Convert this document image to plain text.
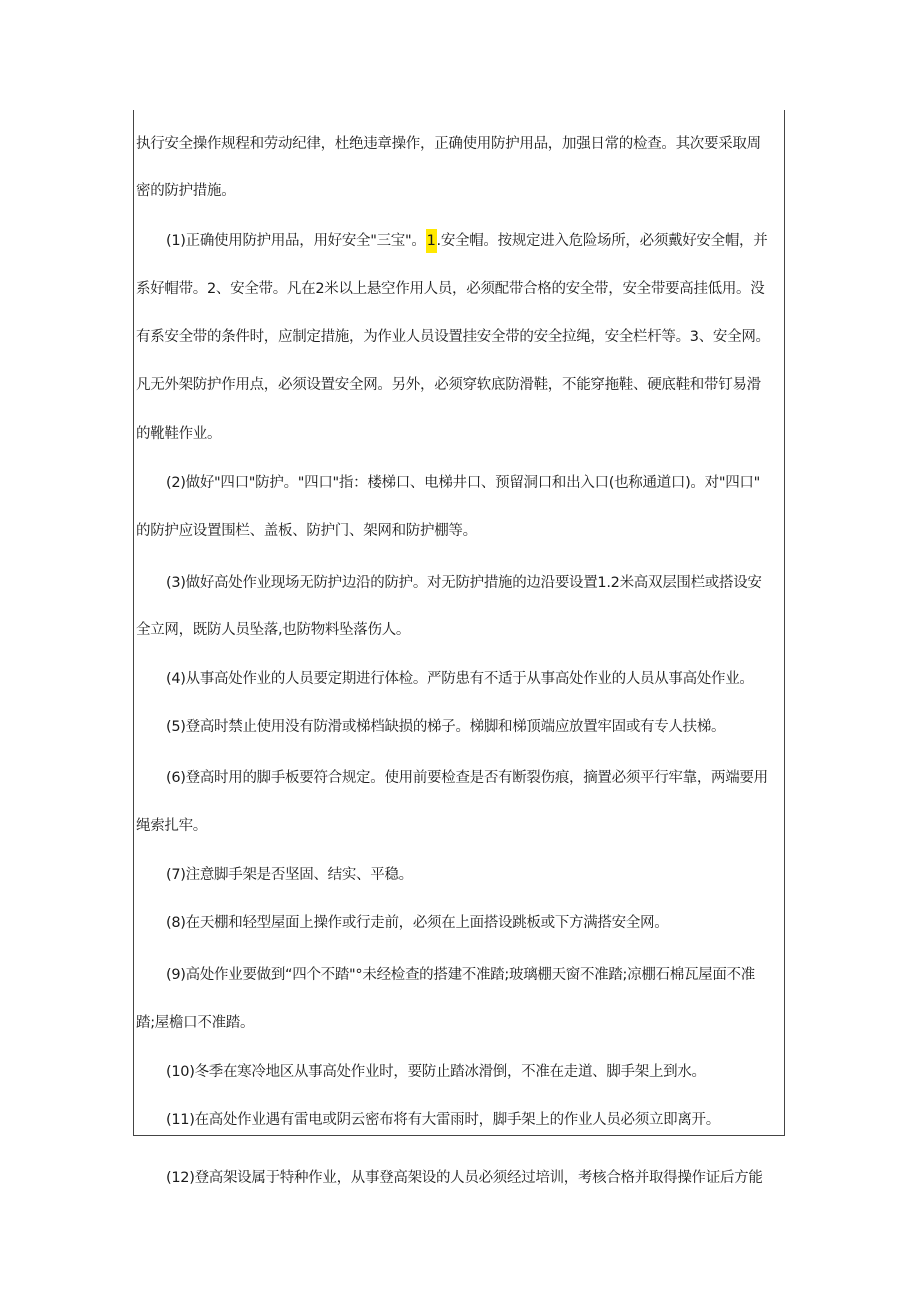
执行安全操作规程和劳动纪律，杜绝违章操作，正确使用防护用品，加强日常的检查。其次要采取周
密的防护措施。
(1)正确使用防护用品，用好安全"三宝"。1.安全帽。按规定进入危险场所，必须戴好安全帽，并
系好帽带。2、安全带。凡在2米以上悬空作用人员，必须配带合格的安全带，安全带要高挂低用。没
有系安全带的条件时，应制定措施，为作业人员设置挂安全带的安全拉绳，安全栏杆等。3、安全网。
凡无外架防护作用点，必须设置安全网。另外，必须穿软底防滑鞋，不能穿拖鞋、硬底鞋和带钉易滑
的靴鞋作业。
(2)做好"四口"防护。"四口"指：楼梯口、电梯井口、预留洞口和出入口(也称通道口)。对"四口"
的防护应设置围栏、盖板、防护门、架网和防护棚等。
(3)做好高处作业现场无防护边沿的防护。对无防护措施的边沿要设置1.2米高双层围栏或搭设安
全立网，既防人员坠落,也防物料坠落伤人。
(4)从事高处作业的人员要定期进行体检。严防患有不适于从事高处作业的人员从事高处作业。
(5)登高时禁止使用没有防滑或梯档缺损的梯子。梯脚和梯顶端应放置牢固或有专人扶梯。
(6)登高时用的脚手板要符合规定。使用前要检查是否有断裂伤痕，摘置必须平行牢靠，两端要用
绳索扎牢。
(7)注意脚手架是否坚固、结实、平稳。
(8)在天棚和轻型屋面上操作或行走前，必须在上面搭设跳板或下方满搭安全网。
(9)高处作业要做到“四个不踏"°未经检查的搭建不准踏;玻璃棚天窗不准踏;凉棚石棉瓦屋面不准
踏;屋檐口不准踏。
(10)冬季在寒冷地区从事高处作业时，要防止踏冰滑倒，不准在走道、脚手架上到水。
(11)在高处作业遇有雷电或阴云密布将有大雷雨时，脚手架上的作业人员必须立即离开。
(12)登高架设属于特种作业，从事登高架设的人员必须经过培训，考核合格并取得操作证后方能
